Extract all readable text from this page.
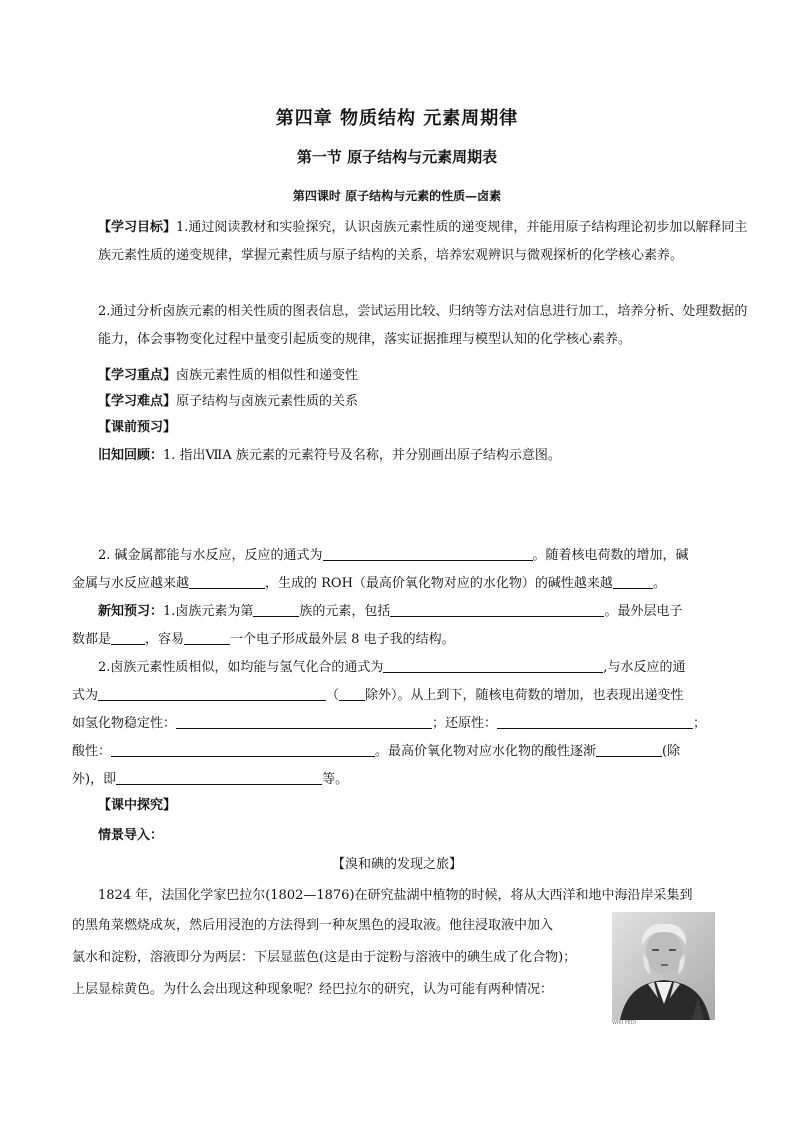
第四章 物质结构 元素周期律
第一节 原子结构与元素周期表
第四课时 原子结构与元素的性质—卤素
【学习目标】1.通过阅读教材和实验探究，认识卤族元素性质的递变规律，并能用原子结构理论初步加以解释同主族元素性质的递变规律，掌握元素性质与原子结构的关系，培养宏观辨识与微观探析的化学核心素养。
2.通过分析卤族元素的相关性质的图表信息，尝试运用比较、归纳等方法对信息进行加工，培养分析、处理数据的能力，体会事物变化过程中量变引起质变的规律，落实证据推理与模型认知的化学核心素养。
【学习重点】卤族元素性质的相似性和递变性
【学习难点】原子结构与卤族元素性质的关系
【课前预习】
旧知回顾：1. 指出ⅦA 族元素的元素符号及名称，并分别画出原子结构示意图。
2. 碱金属都能与水反应，反应的通式为	。随着核电荷数的增加，碱
金属与水反应越来越	，生成的 ROH（最高价氧化物对应的水化物）的碱性越来越	。
新知预习：1.卤族元素为第	族的元素，包括	。最外层电子
数都是	，容易	一个电子形成最外层 8 电子我的结构。
2.卤族元素性质相似，如均能与氢气化合的通式为	,与水反应的通
式为	（ 除外）。从上到下，随核电荷数的增加，也表现出递变性
如氢化物稳定性：	；还原性：	；
酸性：	。最高价氧化物对应水化物的酸性逐渐	(除
外)，即	等。
【课中探究】
情景导入：
【溴和碘的发现之旅】
1824 年，法国化学家巴拉尔(1802—1876)在研究盐湖中植物的时候，将从大西洋和地中海沿岸采集到
的黑角菜燃烧成灰，然后用浸泡的方法得到一种灰黑色的浸取液。他往浸取液中加入
氯水和淀粉，溶液即分为两层：下层显蓝色(这是由于淀粉与溶液中的碘生成了化合物)；
上层显棕黄色。为什么会出现这种现象呢？经巴拉尔的研究，认为可能有两种情况：
WIKI PEDI
